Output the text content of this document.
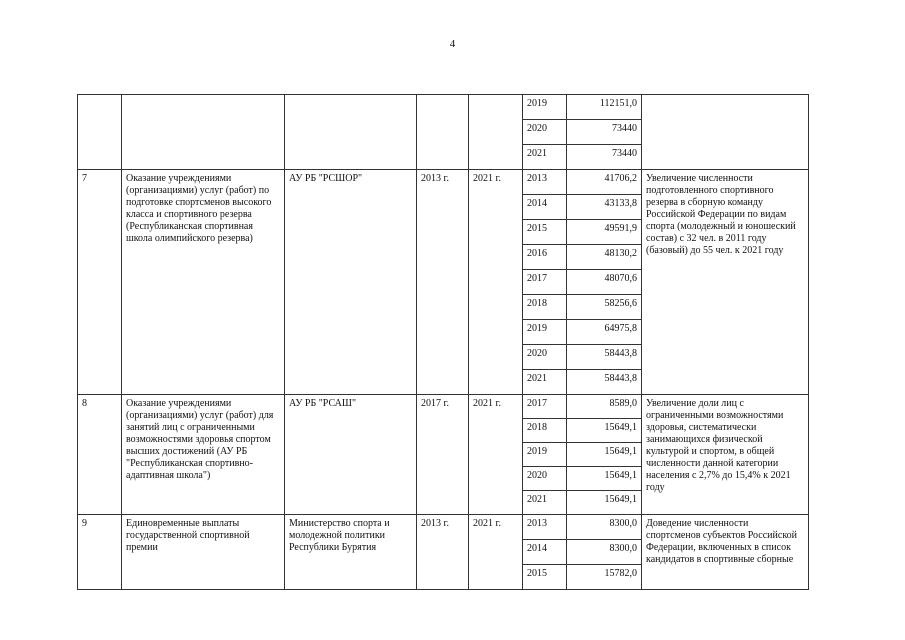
4
					2019	112151,0	
					2020	73440	
					2021	73440	
7	Оказание учреждениями (организациями) услуг (работ) по подготовке спортсменов высокого класса и спортивного резерва (Республиканская спортивная школа олимпийского резерва)	АУ РБ "РСШОР"	2013 г.	2021 г.	2013	41706,2	Увеличение численности подготовленного спортивного резерва в сборную команду Российской Федерации по видам спорта (молодежный и юношеский состав) с 32 чел. в 2011 году (базовый) до 55 чел. к 2021 году
					2014	43133,8	
					2015	49591,9	
					2016	48130,2	
					2017	48070,6	
					2018	58256,6	
					2019	64975,8	
					2020	58443,8	
					2021	58443,8	
8	Оказание учреждениями (организациями) услуг (работ) для занятий лиц с ограниченными возможностями здоровья спортом высших достижений (АУ РБ "Республиканская спортивно-адаптивная школа")	АУ РБ "РСАШ"	2017 г.	2021 г.	2017	8589,0	Увеличение доли лиц с ограниченными возможностями здоровья, систематически занимающихся физической культурой и спортом, в общей численности данной категории населения с 2,7% до 15,4% к 2021 году
					2018	15649,1	
					2019	15649,1	
					2020	15649,1	
					2021	15649,1	
9	Единовременные выплаты государственной спортивной премии	Министерство спорта и молодежной политики Республики Бурятия	2013 г.	2021 г.	2013	8300,0	Доведение численности спортсменов субъектов Российской Федерации, включенных в список кандидатов в спортивные сборные
					2014	8300,0	
					2015	15782,0	
